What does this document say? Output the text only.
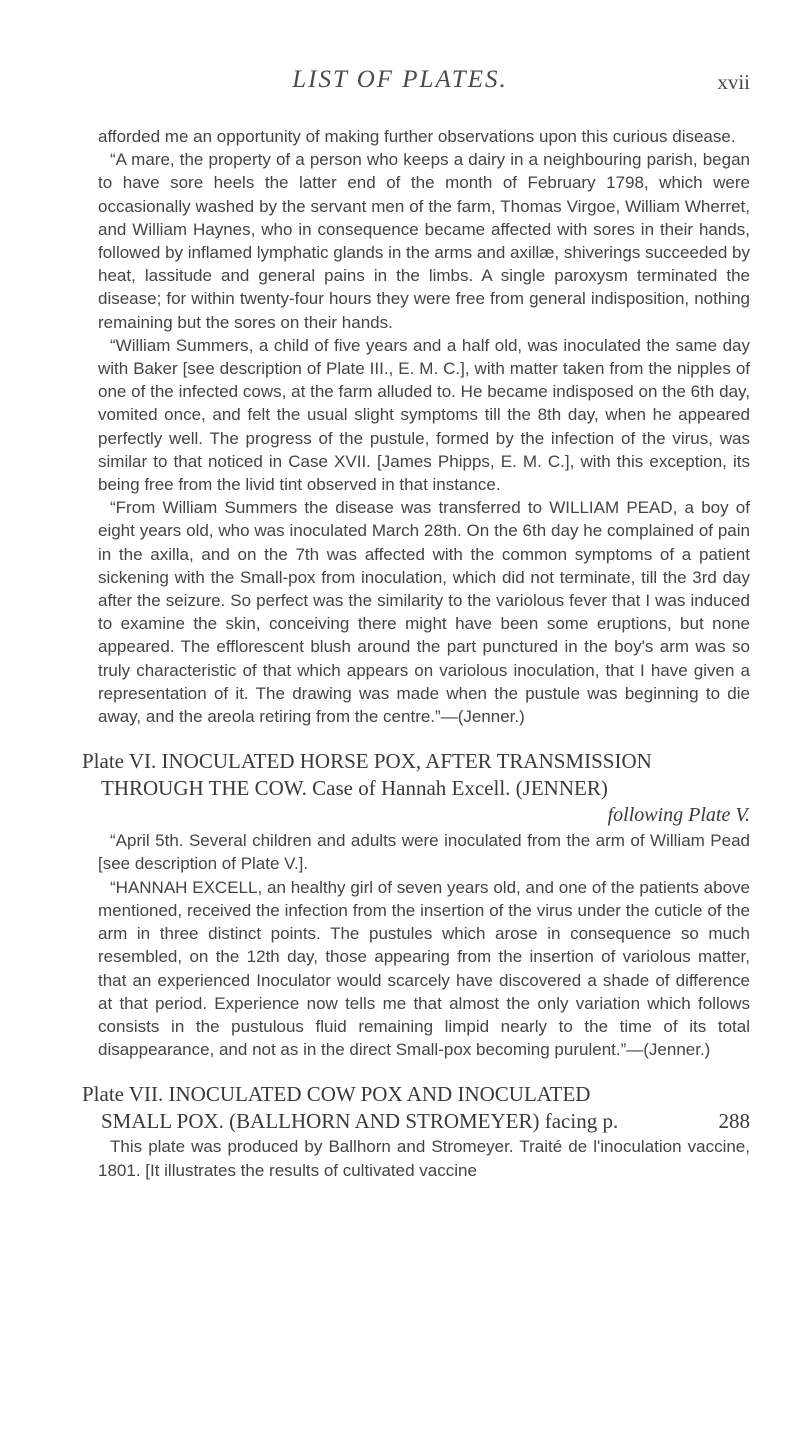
LIST OF PLATES.	xvii

afforded me an opportunity of making further observations upon this curious disease.

“A mare, the property of a person who keeps a dairy in a neighbouring parish, began to have sore heels the latter end of the month of February 1798, which were occasionally washed by the servant men of the farm, Thomas Virgoe, William Wherret, and William Haynes, who in consequence became affected with sores in their hands, followed by inflamed lymphatic glands in the arms and axillæ, shiverings succeeded by heat, lassitude and general pains in the limbs. A single paroxysm terminated the disease; for within twenty-four hours they were free from general indisposition, nothing remaining but the sores on their hands.

“William Summers, a child of five years and a half old, was inoculated the same day with Baker [see description of Plate III., E. M. C.], with matter taken from the nipples of one of the infected cows, at the farm alluded to. He became indisposed on the 6th day, vomited once, and felt the usual slight symptoms till the 8th day, when he appeared perfectly well. The progress of the pustule, formed by the infection of the virus, was similar to that noticed in Case XVII. [James Phipps, E. M. C.], with this exception, its being free from the livid tint observed in that instance.

“From William Summers the disease was transferred to WILLIAM PEAD, a boy of eight years old, who was inoculated March 28th. On the 6th day he complained of pain in the axilla, and on the 7th was affected with the common symptoms of a patient sickening with the Small-pox from inoculation, which did not terminate, till the 3rd day after the seizure. So perfect was the similarity to the variolous fever that I was induced to examine the skin, conceiving there might have been some eruptions, but none appeared. The efflorescent blush around the part punctured in the boy's arm was so truly characteristic of that which appears on variolous inoculation, that I have given a representation of it. The drawing was made when the pustule was beginning to die away, and the areola retiring from the centre.”—(Jenner.)

Plate VI. INOCULATED HORSE POX, AFTER TRANSMISSION
THROUGH THE COW. Case of Hannah Excell. (JENNER)
following Plate V.

“April 5th. Several children and adults were inoculated from the arm of William Pead [see description of Plate V.].

“HANNAH EXCELL, an healthy girl of seven years old, and one of the patients above mentioned, received the infection from the insertion of the virus under the cuticle of the arm in three distinct points. The pustules which arose in consequence so much resembled, on the 12th day, those appearing from the insertion of variolous matter, that an experienced Inoculator would scarcely have discovered a shade of difference at that period. Experience now tells me that almost the only variation which follows consists in the pustulous fluid remaining limpid nearly to the time of its total disappearance, and not as in the direct Small-pox becoming purulent.”—(Jenner.)

Plate VII. INOCULATED COW POX AND INOCULATED
SMALL POX. (BALLHORN AND STROMEYER) facing p.	288

This plate was produced by Ballhorn and Stromeyer. Traité de l'inoculation vaccine, 1801. [It illustrates the results of cultivated vaccine
